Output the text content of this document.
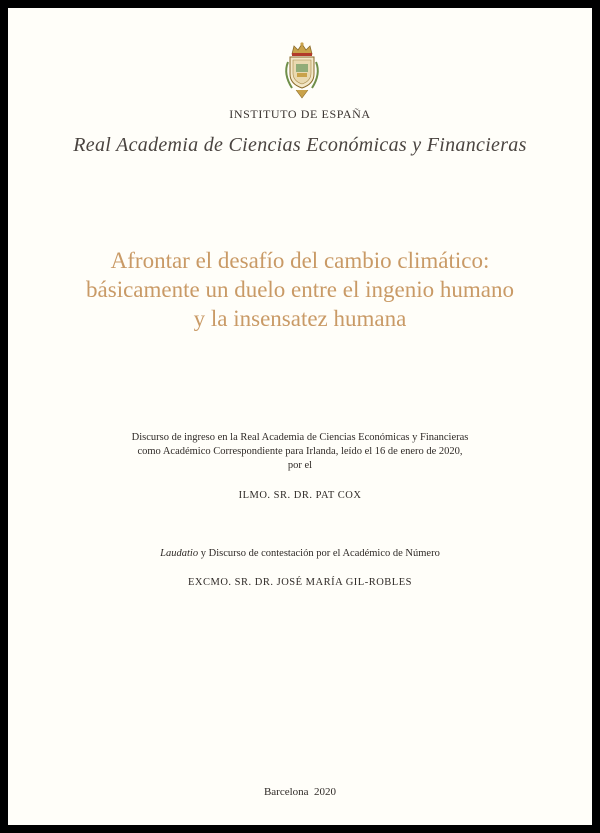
INSTITUTO DE ESPAÑA
Real Academia de Ciencias Económicas y Financieras
Afrontar el desafío del cambio climático:
básicamente un duelo entre el ingenio humano
y la insensatez humana
Discurso de ingreso en la Real Academia de Ciencias Económicas y Financieras
como Académico Correspondiente para Irlanda, leído el 16 de enero de 2020,
por el
ILMO. SR. DR. PAT COX
Laudatio y Discurso de contestación por el Académico de Número
EXCMO. SR. DR. JOSÉ MARÍA GIL-ROBLES
Barcelona  2020
